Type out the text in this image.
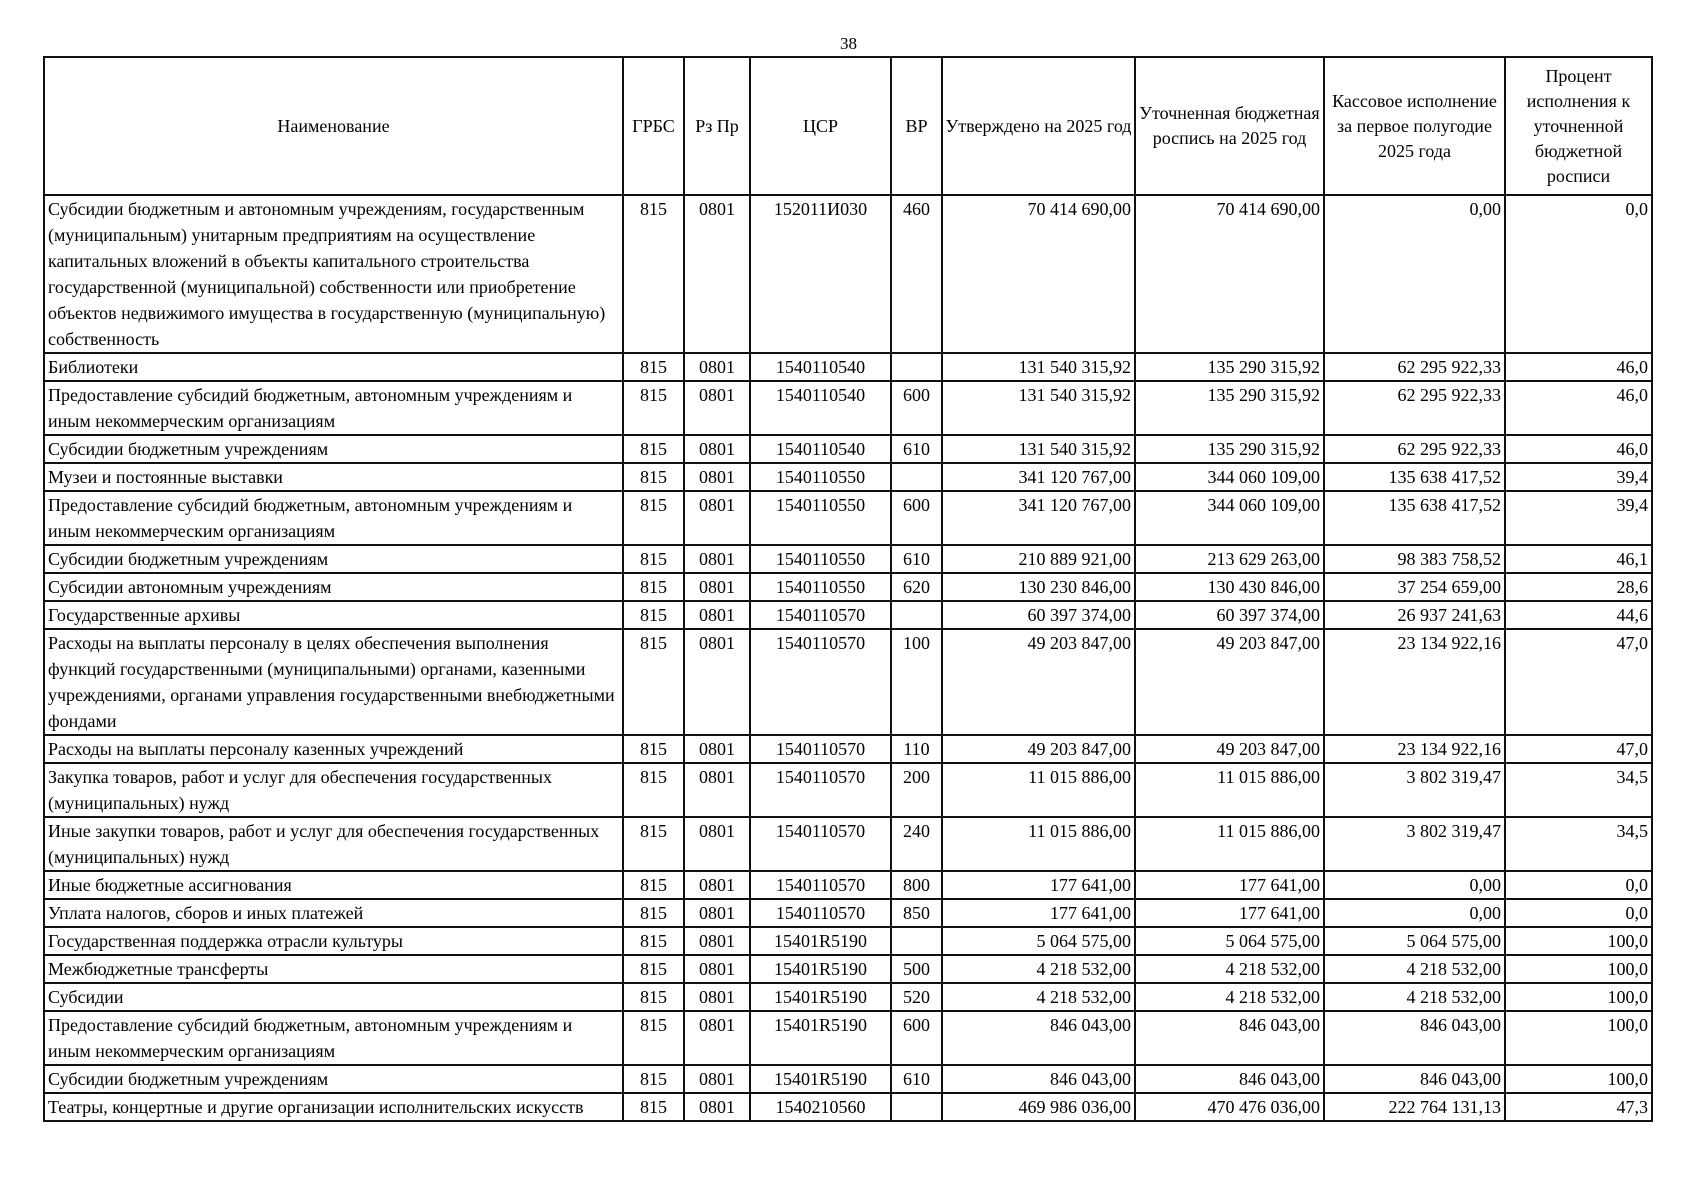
38
Наименование	ГРБС	Рз Пр	ЦСР	ВР	Утверждено на 2025 год	Уточненная бюджетная роспись на 2025 год	Кассовое исполнение за первое полугодие 2025 года	Процент исполнения к уточненной бюджетной росписи
Субсидии бюджетным и автономным учреждениям, государственным (муниципальным) унитарным предприятиям на осуществление капитальных вложений в объекты капитального строительства государственной (муниципальной) собственности или приобретение объектов недвижимого имущества в государственную (муниципальную) собственность	815	0801	152011И030	460	70 414 690,00	70 414 690,00	0,00	0,0
Библиотеки	815	0801	1540110540		131 540 315,92	135 290 315,92	62 295 922,33	46,0
Предоставление субсидий бюджетным, автономным учреждениям и иным некоммерческим организациям	815	0801	1540110540	600	131 540 315,92	135 290 315,92	62 295 922,33	46,0
Субсидии бюджетным учреждениям	815	0801	1540110540	610	131 540 315,92	135 290 315,92	62 295 922,33	46,0
Музеи и постоянные выставки	815	0801	1540110550		341 120 767,00	344 060 109,00	135 638 417,52	39,4
Предоставление субсидий бюджетным, автономным учреждениям и иным некоммерческим организациям	815	0801	1540110550	600	341 120 767,00	344 060 109,00	135 638 417,52	39,4
Субсидии бюджетным учреждениям	815	0801	1540110550	610	210 889 921,00	213 629 263,00	98 383 758,52	46,1
Субсидии автономным учреждениям	815	0801	1540110550	620	130 230 846,00	130 430 846,00	37 254 659,00	28,6
Государственные архивы	815	0801	1540110570		60 397 374,00	60 397 374,00	26 937 241,63	44,6
Расходы на выплаты персоналу в целях обеспечения выполнения функций государственными (муниципальными) органами, казенными учреждениями, органами управления государственными внебюджетными фондами	815	0801	1540110570	100	49 203 847,00	49 203 847,00	23 134 922,16	47,0
Расходы на выплаты персоналу казенных учреждений	815	0801	1540110570	110	49 203 847,00	49 203 847,00	23 134 922,16	47,0
Закупка товаров, работ и услуг для обеспечения государственных (муниципальных) нужд	815	0801	1540110570	200	11 015 886,00	11 015 886,00	3 802 319,47	34,5
Иные закупки товаров, работ и услуг для обеспечения государственных (муниципальных) нужд	815	0801	1540110570	240	11 015 886,00	11 015 886,00	3 802 319,47	34,5
Иные бюджетные ассигнования	815	0801	1540110570	800	177 641,00	177 641,00	0,00	0,0
Уплата налогов, сборов и иных платежей	815	0801	1540110570	850	177 641,00	177 641,00	0,00	0,0
Государственная поддержка отрасли культуры	815	0801	15401R5190		5 064 575,00	5 064 575,00	5 064 575,00	100,0
Межбюджетные трансферты	815	0801	15401R5190	500	4 218 532,00	4 218 532,00	4 218 532,00	100,0
Субсидии	815	0801	15401R5190	520	4 218 532,00	4 218 532,00	4 218 532,00	100,0
Предоставление субсидий бюджетным, автономным учреждениям и иным некоммерческим организациям	815	0801	15401R5190	600	846 043,00	846 043,00	846 043,00	100,0
Субсидии бюджетным учреждениям	815	0801	15401R5190	610	846 043,00	846 043,00	846 043,00	100,0
Театры, концертные и другие организации исполнительских искусств	815	0801	1540210560		469 986 036,00	470 476 036,00	222 764 131,13	47,3
